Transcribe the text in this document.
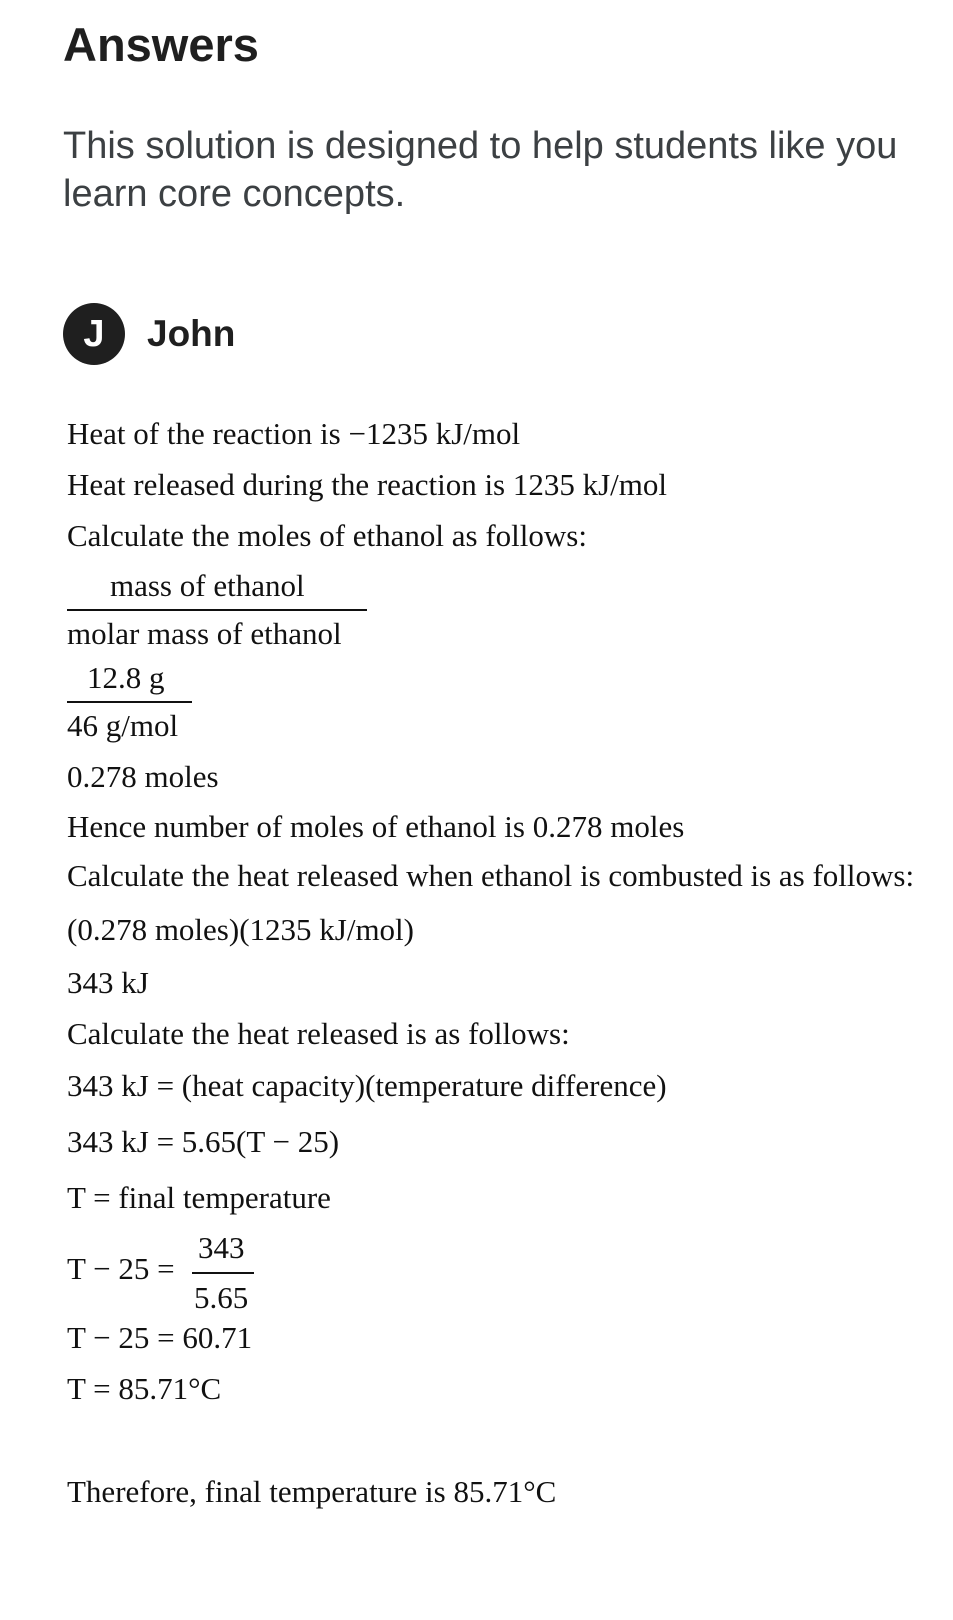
Answers

This solution is designed to help students like you
learn core concepts.

J	John
Heat of the reaction is −1235 kJ/mol
Heat released during the reaction is 1235 kJ/mol
Calculate the moles of ethanol as follows:
mass of ethanol
molar mass of ethanol
12.8 g
46 g/mol
0.278 moles
Hence number of moles of ethanol is 0.278 moles
Calculate the heat released when ethanol is combusted is as follows:
(0.278 moles)(1235 kJ/mol)
343 kJ
Calculate the heat released is as follows:
343 kJ = (heat capacity)(temperature difference)
343 kJ = 5.65(T − 25)
T = final temperature
T − 25 =
343
5.65
T − 25 = 60.71
T = 85.71°C
Therefore, final temperature is 85.71°C
